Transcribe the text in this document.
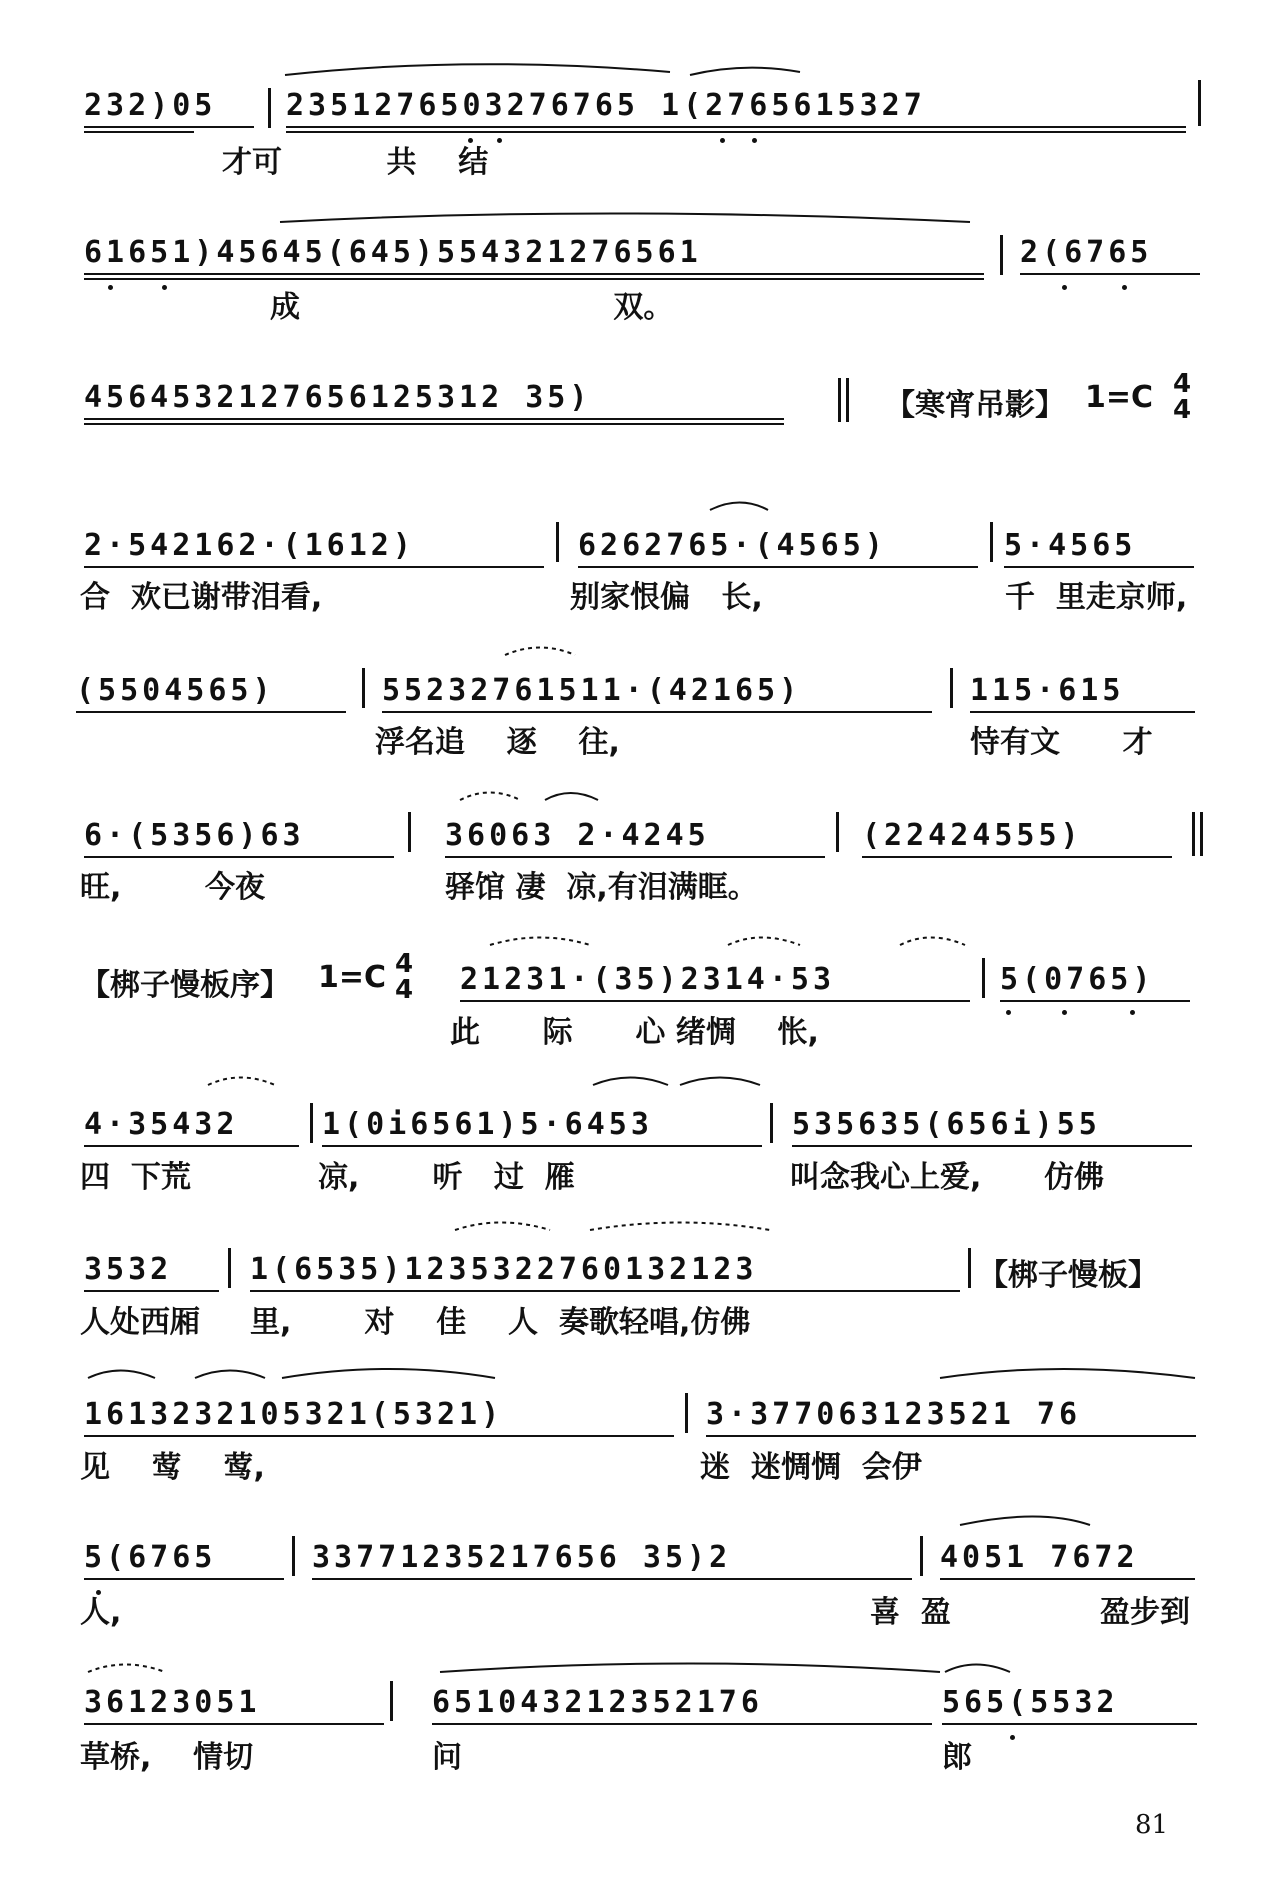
232)05 2351276503276765 1(2765615327
才可          共    结
61651)45645(645)554321276561	2(6765
成                              双。
4564532127656125312 35)	【寒宵吊影】 1=C 4
4
2·542162·(1612)	6262765·(4565)	5·4565
合  欢已谢带泪看,	别家恨偏   长,	千  里走京师,
(5504565)	55232761511·(42165)	115·615
浮名追    逐    往,	恃有文      才
6·(5356)63	36063 2·4245	(22424555)
旺,        今夜	驿馆 凄  凉,有泪满眶。
【梆子慢板序】 1=C 4
4 21231·(35)2314·53	5(0765)
此      际      心 绪惆    怅,
4·35432	1(0i6561)5·6453	535635(656i)55
四  下荒	凉,       听   过  雁	叫念我心上爱,      仿佛
3532	1(6535)1235322760132123	【梆子慢板】
人处西厢 里,       对    佳    人  奏歌轻唱,仿佛
1613232105321(5321)	3·377063123521 76
见    莺    莺,	迷  迷惆惆  会伊
5(6765	33771235217656 35)2	4051 7672
人,	喜  盈	盈步到
36123051	651043212352176	565(5532
草桥,    情切	问	郎
81
